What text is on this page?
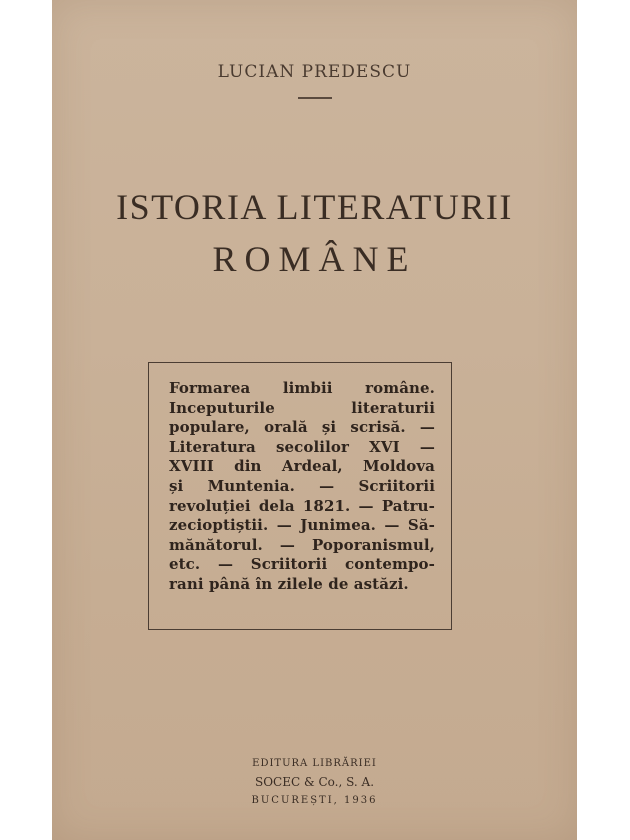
LUCIAN PREDESCU
ISTORIA LITERATURII
ROMÂNE
Formarea limbii române.
Inceputurile literaturii
populare, orală și scrisă. —
Literatura secolilor XVI —
XVIII din Ardeal, Moldova
și Muntenia. — Scriitorii
revoluției dela 1821. — Patru-
zecioptiștii. — Junimea. — Să-
mănătorul. — Poporanismul,
etc. — Scriitorii contempo-
rani până în zilele de astăzi.
EDITURA LIBRĂRIEI
SOCEC & Co., S. A.
BUCUREȘTI, 1936
